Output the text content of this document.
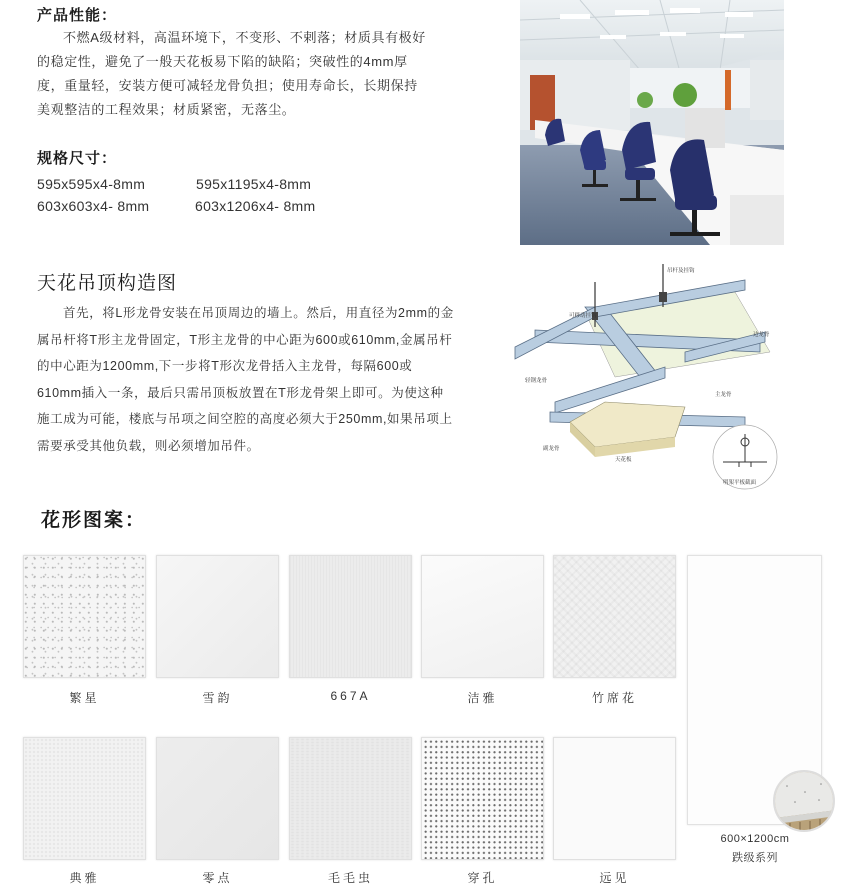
产品性能：
不燃A级材料，高温环境下，不变形、不剌落；材质具有极好
的稳定性，避免了一般天花板易下陷的缺陷；突破性的4mm厚
度，重量轻，安装方便可减轻龙骨负担；使用寿命长，长期保持
美观整洁的工程效果；材质紧密，无落尘。
规格尺寸：
595x595x4-8mm	595x1195x4-8mm
603x603x4- 8mm	603x1206x4- 8mm
天花吊顶构造图
首先，将L形龙骨安装在吊顶周边的墙上。然后，用直径为2mm的金
属吊杆将T形主龙骨固定，T形主龙骨的中心距为600或610mm,金属吊杆
的中心距为1200mm,下一步将T形次龙骨括入主龙骨，每隔600或
610mm插入一条，最后只需吊顶板放置在T形龙骨架上即可。为使这种
施工成为可能，楼底与吊项之间空腔的高度必须大于250mm,如果吊项上
需要承受其他负载，则必须增加吊件。
吊杆及挂钩
可移动挂钩
边龙骨
轻钢龙骨
主龙骨
副龙骨
天花板
明架平板截面
花形图案：
繁星	雪韵	667A	洁雅	竹席花
典雅	零点	毛毛虫	穿孔	远见
600×1200cm
跌级系列
